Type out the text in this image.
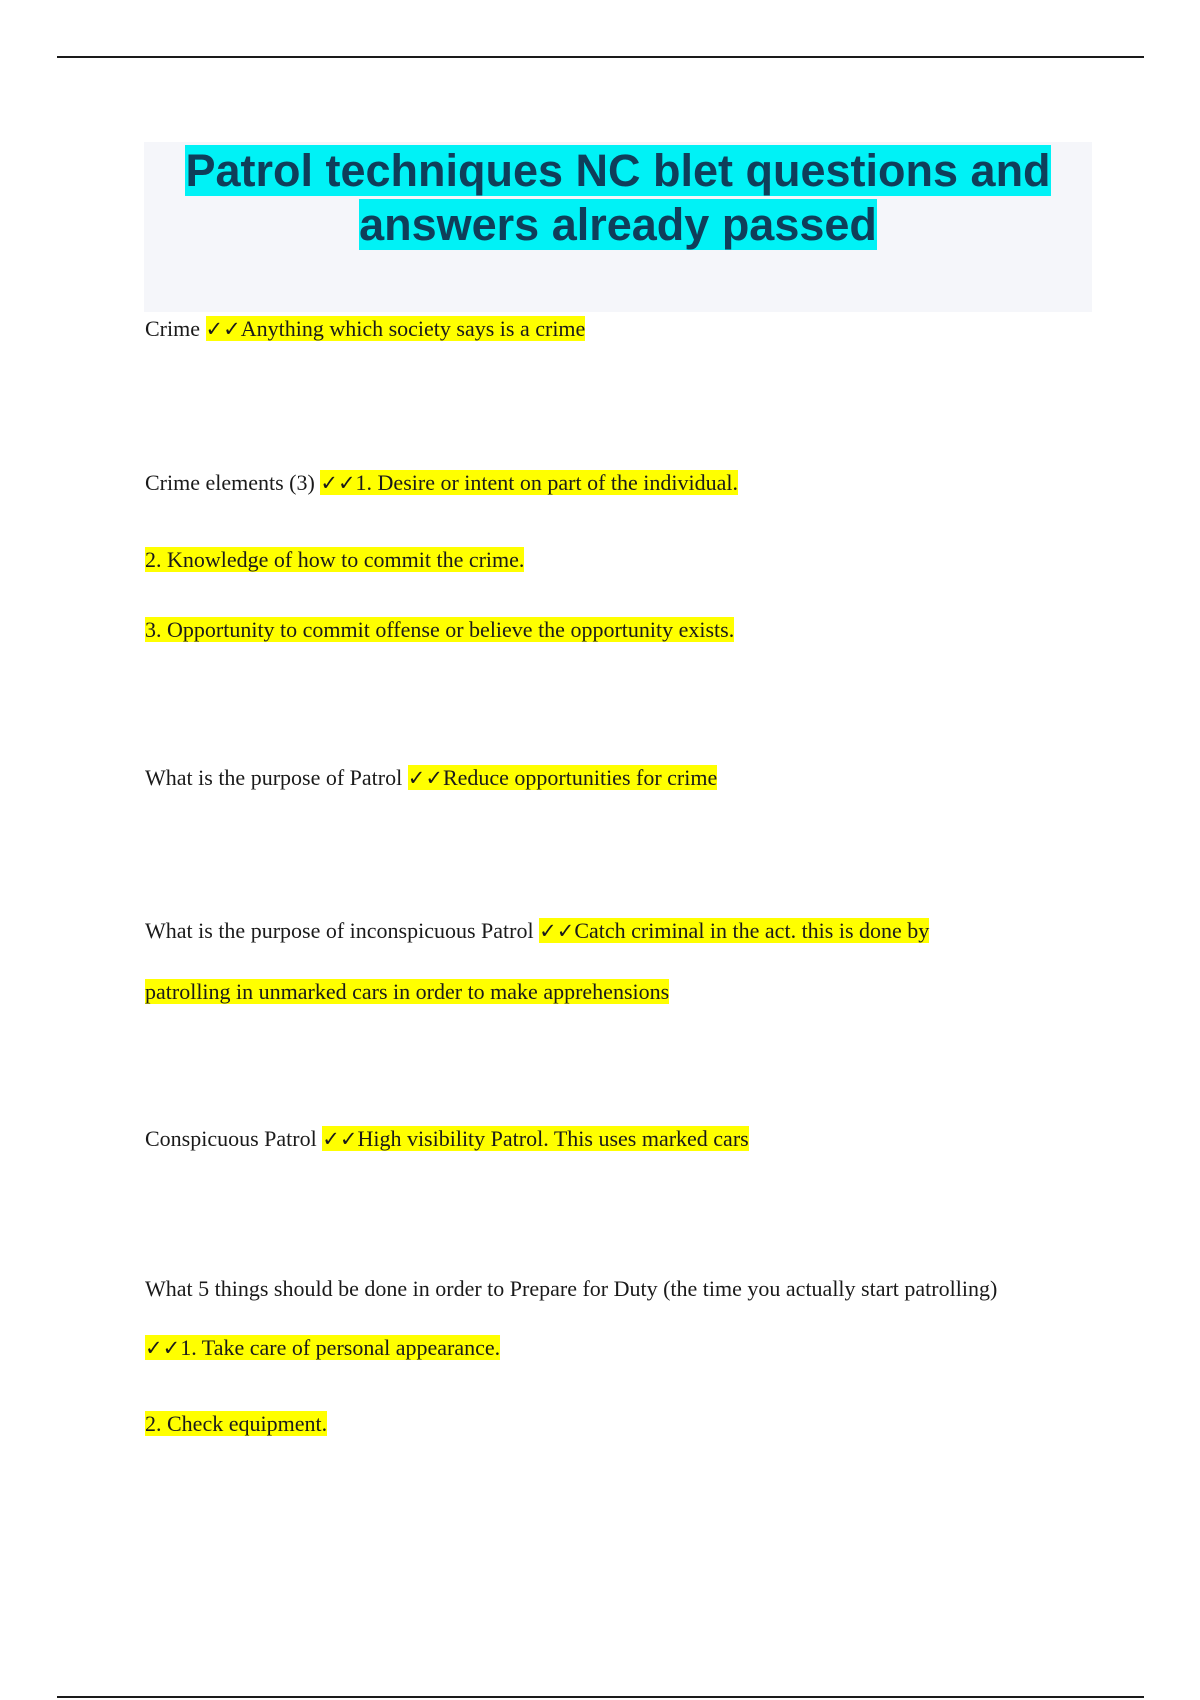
Patrol techniques NC blet questions and
answers already passed

Crime ✓✓Anything which society says is a crime

Crime elements (3) ✓✓1. Desire or intent on part of the individual.

2. Knowledge of how to commit the crime.

3. Opportunity to commit offense or believe the opportunity exists.

What is the purpose of Patrol ✓✓Reduce opportunities for crime

What is the purpose of inconspicuous Patrol ✓✓Catch criminal in the act. this is done by

patrolling in unmarked cars in order to make apprehensions

Conspicuous Patrol ✓✓High visibility Patrol. This uses marked cars

What 5 things should be done in order to Prepare for Duty (the time you actually start patrolling)

✓✓1. Take care of personal appearance.

2. Check equipment.
